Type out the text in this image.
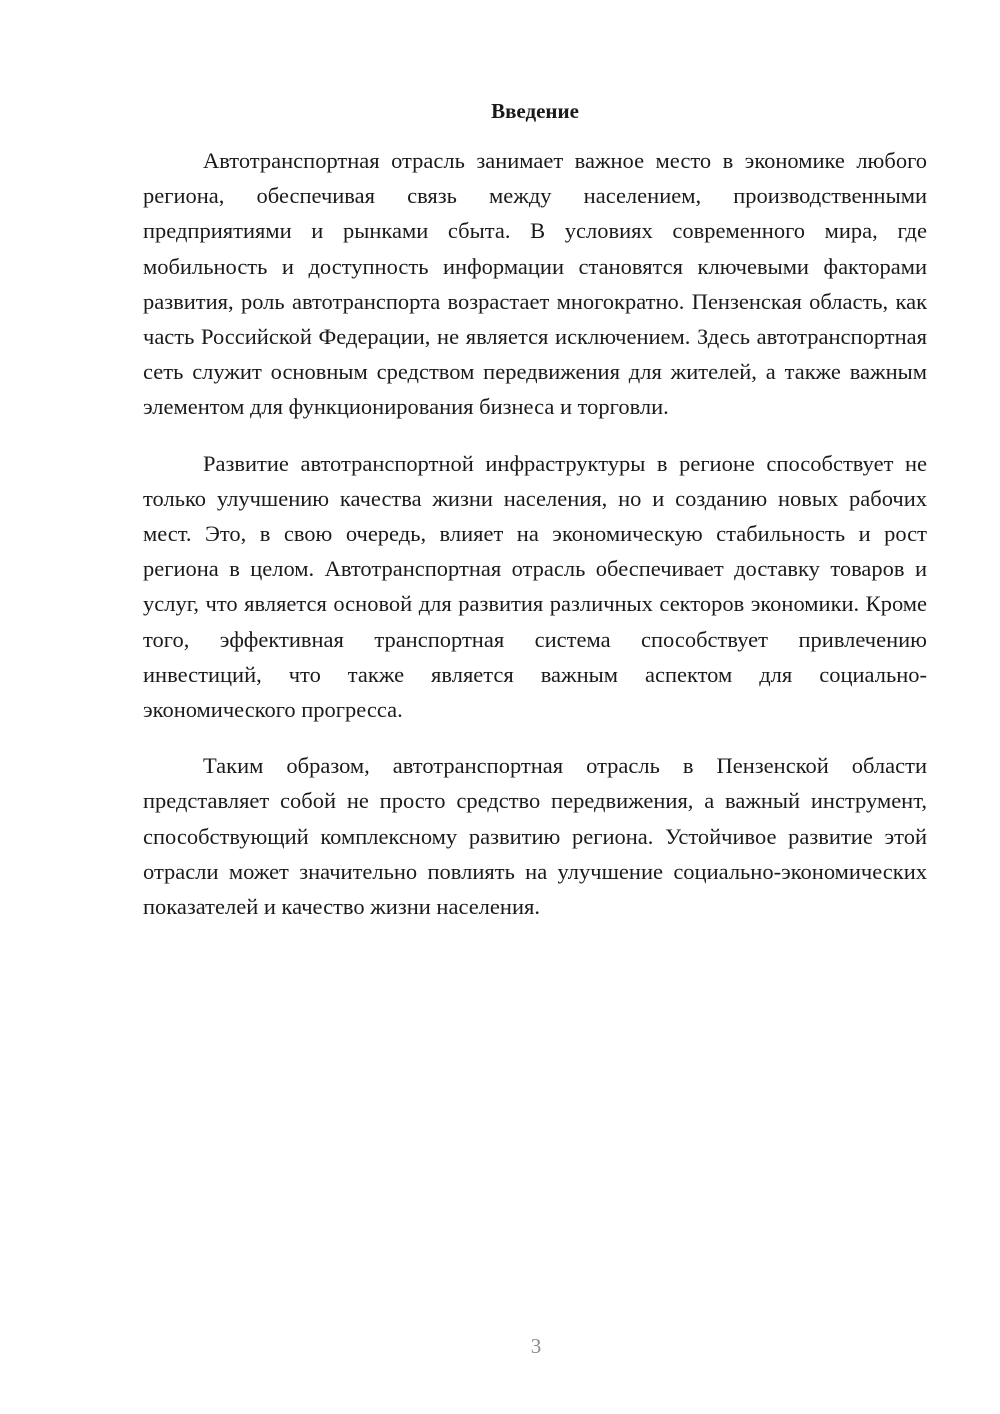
Введение

Автотранспортная отрасль занимает важное место в экономике любого региона, обеспечивая связь между населением, производственными предприятиями и рынками сбыта. В условиях современного мира, где мобильность и доступность информации становятся ключевыми факторами развития, роль автотранспорта возрастает многократно. Пензенская область, как часть Российской Федерации, не является исключением. Здесь автотранспортная сеть служит основным средством передвижения для жителей, а также важным элементом для функционирования бизнеса и торговли.

Развитие автотранспортной инфраструктуры в регионе способствует не только улучшению качества жизни населения, но и созданию новых рабочих мест. Это, в свою очередь, влияет на экономическую стабильность и рост региона в целом. Автотранспортная отрасль обеспечивает доставку товаров и услуг, что является основой для развития различных секторов экономики. Кроме того, эффективная транспортная система способствует привлечению инвестиций, что также является важным аспектом для социально-экономического прогресса.

Таким образом, автотранспортная отрасль в Пензенской области представляет собой не просто средство передвижения, а важный инструмент, способствующий комплексному развитию региона. Устойчивое развитие этой отрасли может значительно повлиять на улучшение социально-экономических показателей и качество жизни населения.

3
